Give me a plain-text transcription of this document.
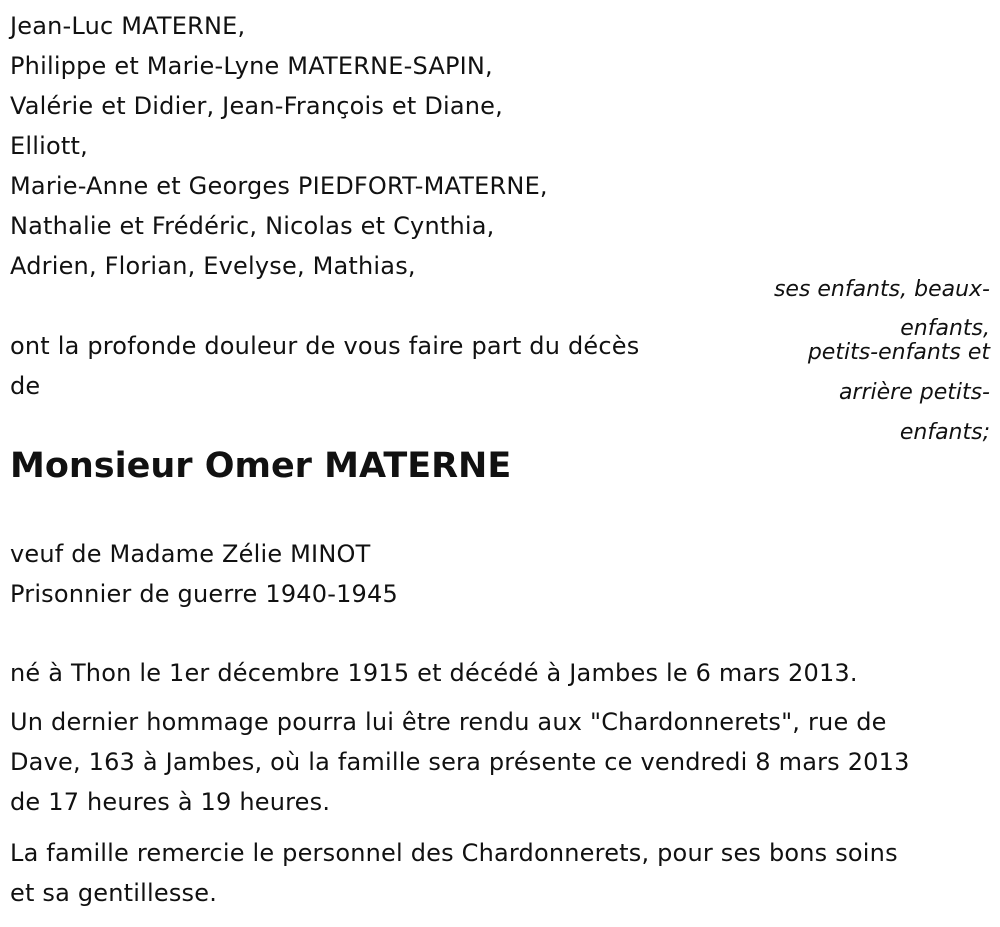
Jean-Luc MATERNE,
Philippe et Marie-Lyne MATERNE-SAPIN,
Valérie et Didier, Jean-François et Diane,
Elliott,
Marie-Anne et Georges PIEDFORT-MATERNE,
Nathalie et Frédéric, Nicolas et Cynthia,
Adrien, Florian, Evelyse, Mathias,
ses enfants, beaux-
enfants,
petits-enfants et
arrière petits-
enfants;
ont la profonde douleur de vous faire part du décès
de
Monsieur Omer MATERNE
veuf de Madame Zélie MINOT
Prisonnier de guerre 1940-1945
né à Thon le 1er décembre 1915 et décédé à Jambes le 6 mars 2013.
Un dernier hommage pourra lui être rendu aux "Chardonnerets", rue de
Dave, 163 à Jambes, où la famille sera présente ce vendredi 8 mars 2013
de 17 heures à 19 heures.
La famille remercie le personnel des Chardonnerets, pour ses bons soins
et sa gentillesse.
